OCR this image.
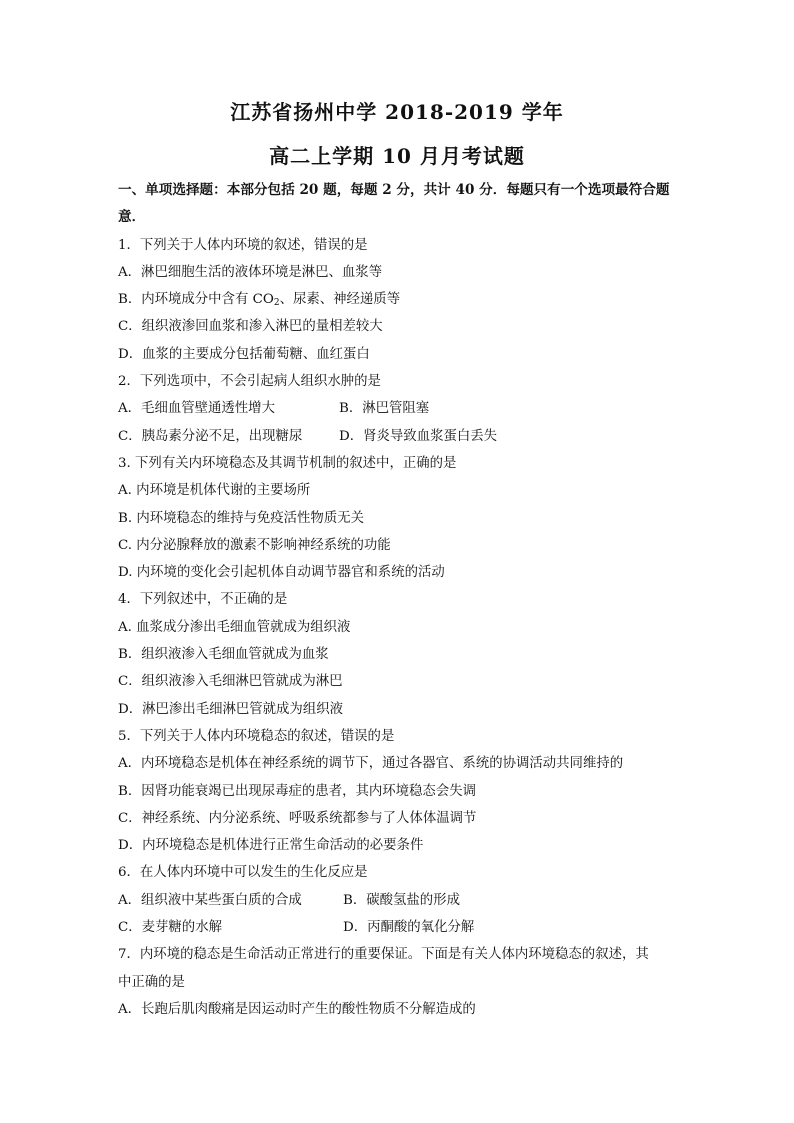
江苏省扬州中学 2018-2019 学年
高二上学期 10 月月考试题
一、单项选择题：本部分包括 20 题，每题 2 分，共计 40 分．每题只有一个选项最符合题
意．
1．下列关于人体内环境的叙述，错误的是
A．淋巴细胞生活的液体环境是淋巴、血浆等
B．内环境成分中含有 $CO_2$、尿素、神经递质等
C．组织液渗回血浆和渗入淋巴的量相差较大
D．血浆的主要成分包括葡萄糖、血红蛋白
2．下列选项中，不会引起病人组织水肿的是
A．毛细血管壁通透性增大	B．淋巴管阻塞
C．胰岛素分泌不足，出现糖尿	D．肾炎导致血浆蛋白丢失
3. 下列有关内环境稳态及其调节机制的叙述中，正确的是
A. 内环境是机体代谢的主要场所
B. 内环境稳态的维持与免疫活性物质无关
C. 内分泌腺释放的激素不影响神经系统的功能
D. 内环境的变化会引起机体自动调节器官和系统的活动
4．下列叙述中，不正确的是
A. 血浆成分渗出毛细血管就成为组织液
B．组织液渗入毛细血管就成为血浆
C．组织液渗入毛细淋巴管就成为淋巴
D．淋巴渗出毛细淋巴管就成为组织液
5．下列关于人体内环境稳态的叙述，错误的是
A．内环境稳态是机体在神经系统的调节下，通过各器官、系统的协调活动共同维持的
B．因肾功能衰竭已出现尿毒症的患者，其内环境稳态会失调
C．神经系统、内分泌系统、呼吸系统都参与了人体体温调节
D．内环境稳态是机体进行正常生命活动的必要条件
6．在人体内环境中可以发生的生化反应是
A．组织液中某些蛋白质的合成	B．碳酸氢盐的形成
C．麦芽糖的水解	D．丙酮酸的氧化分解
7．内环境的稳态是生命活动正常进行的重要保证。下面是有关人体内环境稳态的叙述，其
中正确的是
A．长跑后肌肉酸痛是因运动时产生的酸性物质不分解造成的
